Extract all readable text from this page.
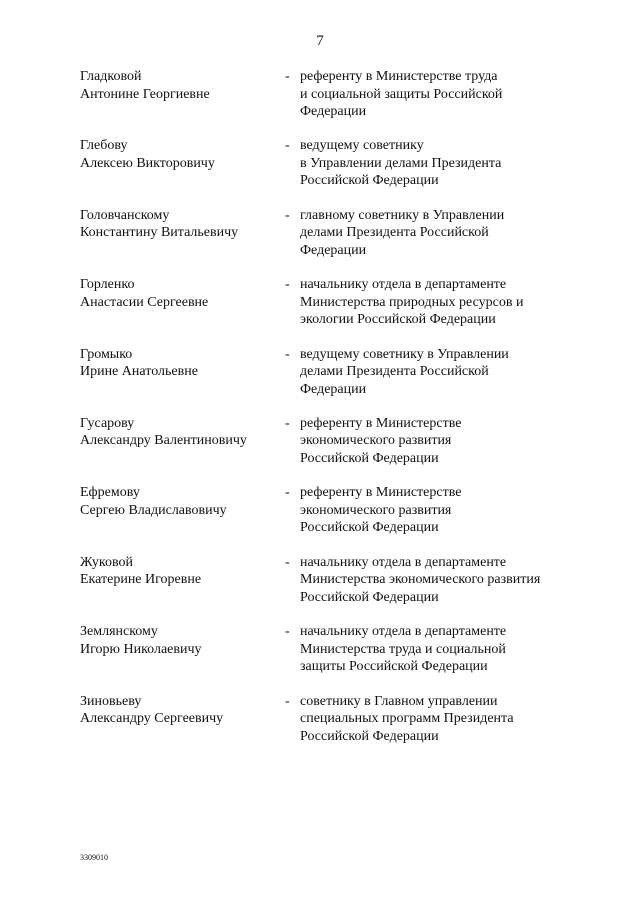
7
Гладковой
Антонине Георгиевне
- референту в Министерстве труда
и социальной защиты Российской
Федерации
Глебову
Алексею Викторовичу
- ведущему советнику
в Управлении делами Президента
Российской Федерации
Головчанскому
Константину Витальевичу
- главному советнику в Управлении
делами Президента Российской
Федерации
Горленко
Анастасии Сергеевне
- начальнику отдела в департаменте
Министерства природных ресурсов и
экологии Российской Федерации
Громыко
Ирине Анатольевне
- ведущему советнику в Управлении
делами Президента Российской
Федерации
Гусарову
Александру Валентиновичу
- референту в Министерстве
экономического развития
Российской Федерации
Ефремову
Сергею Владиславовичу
- референту в Министерстве
экономического развития
Российской Федерации
Жуковой
Екатерине Игоревне
- начальнику отдела в департаменте
Министерства экономического развития
Российской Федерации
Землянскому
Игорю Николаевичу
- начальнику отдела в департаменте
Министерства труда и социальной
защиты Российской Федерации
Зиновьеву
Александру Сергеевичу
- советнику в Главном управлении
специальных программ Президента
Российской Федерации
3309010
